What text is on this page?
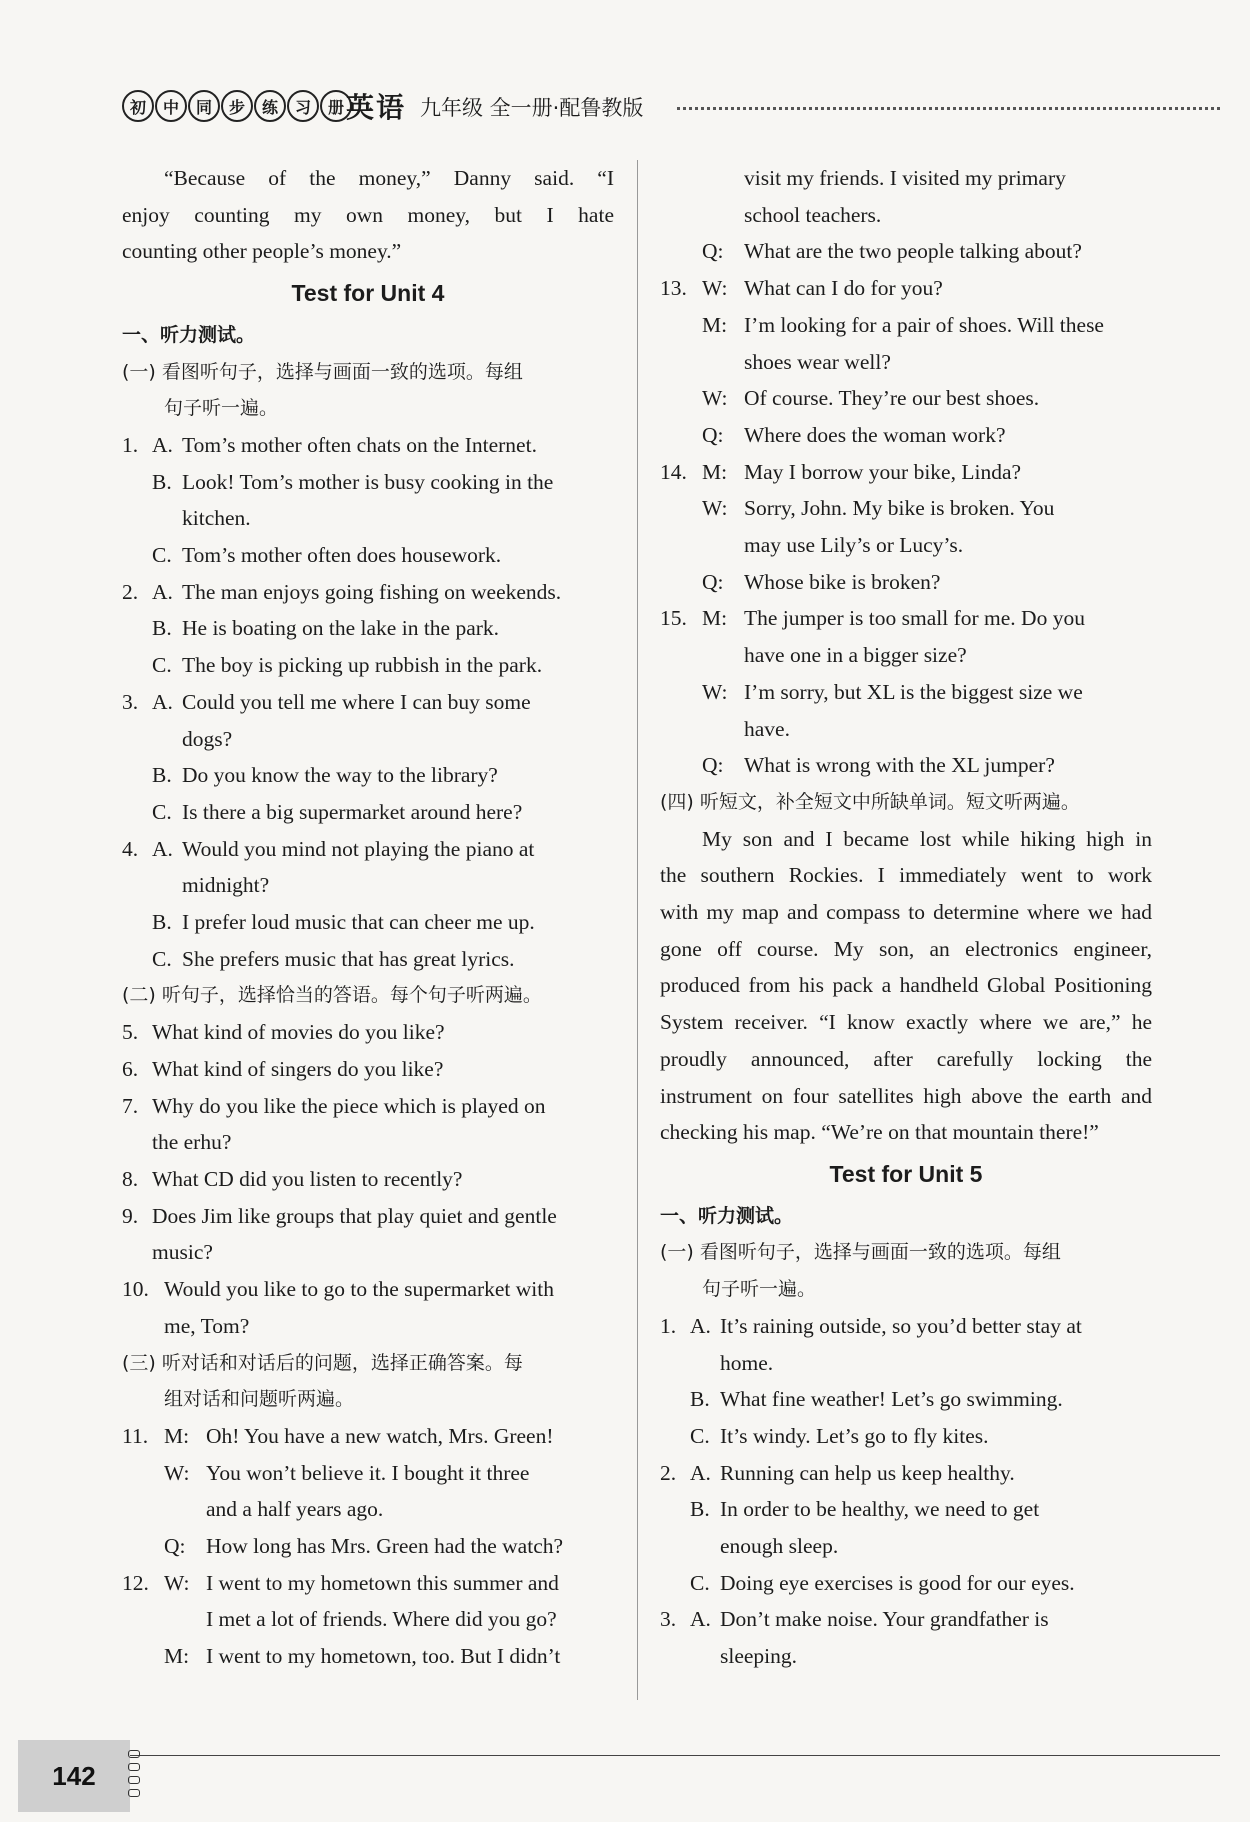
初	中	同	步	练	习	册 英语 九年级 全一册·配鲁教版
“Because of the money,” Danny said. “I
enjoy counting my own money, but I hate
counting other people’s money.”
Test for Unit 4
一、听力测试。
(一) 看图听句子，选择与画面一致的选项。每组
句子听一遍。
1. A. Tom’s mother often chats on the Internet.
B. Look! Tom’s mother is busy cooking in the
kitchen.
C. Tom’s mother often does housework.
2. A. The man enjoys going fishing on weekends.
B. He is boating on the lake in the park.
C. The boy is picking up rubbish in the park.
3. A. Could you tell me where I can buy some
dogs?
B. Do you know the way to the library?
C. Is there a big supermarket around here?
4. A. Would you mind not playing the piano at
midnight?
B. I prefer loud music that can cheer me up.
C. She prefers music that has great lyrics.
(二) 听句子，选择恰当的答语。每个句子听两遍。
5. What kind of movies do you like?
6. What kind of singers do you like?
7. Why do you like the piece which is played on
the erhu?
8. What CD did you listen to recently?
9. Does Jim like groups that play quiet and gentle
music?
10. Would you like to go to the supermarket with
me, Tom?
(三) 听对话和对话后的问题，选择正确答案。每
组对话和问题听两遍。
11. M: Oh! You have a new watch, Mrs. Green!
W: You won’t believe it. I bought it three
and a half years ago.
Q: How long has Mrs. Green had the watch?
12. W: I went to my hometown this summer and
I met a lot of friends. Where did you go?
M: I went to my hometown, too. But I didn’t
visit my friends. I visited my primary
school teachers.
Q: What are the two people talking about?
13. W: What can I do for you?
M: I’m looking for a pair of shoes. Will these
shoes wear well?
W: Of course. They’re our best shoes.
Q: Where does the woman work?
14. M: May I borrow your bike, Linda?
W: Sorry, John. My bike is broken. You
may use Lily’s or Lucy’s.
Q: Whose bike is broken?
15. M: The jumper is too small for me. Do you
have one in a bigger size?
W: I’m sorry, but XL is the biggest size we
have.
Q: What is wrong with the XL jumper?
(四) 听短文，补全短文中所缺单词。短文听两遍。
My son and I became lost while hiking high in
the southern Rockies. I immediately went to work
with my map and compass to determine where we had
gone off course. My son, an electronics engineer,
produced from his pack a handheld Global Positioning
System receiver. “I know exactly where we are,” he
proudly announced, after carefully locking the
instrument on four satellites high above the earth and
checking his map. “We’re on that mountain there!”
Test for Unit 5
一、听力测试。
(一) 看图听句子，选择与画面一致的选项。每组
句子听一遍。
1. A. It’s raining outside, so you’d better stay at
home.
B. What fine weather! Let’s go swimming.
C. It’s windy. Let’s go to fly kites.
2. A. Running can help us keep healthy.
B. In order to be healthy, we need to get
enough sleep.
C. Doing eye exercises is good for our eyes.
3. A. Don’t make noise. Your grandfather is
sleeping.
142
